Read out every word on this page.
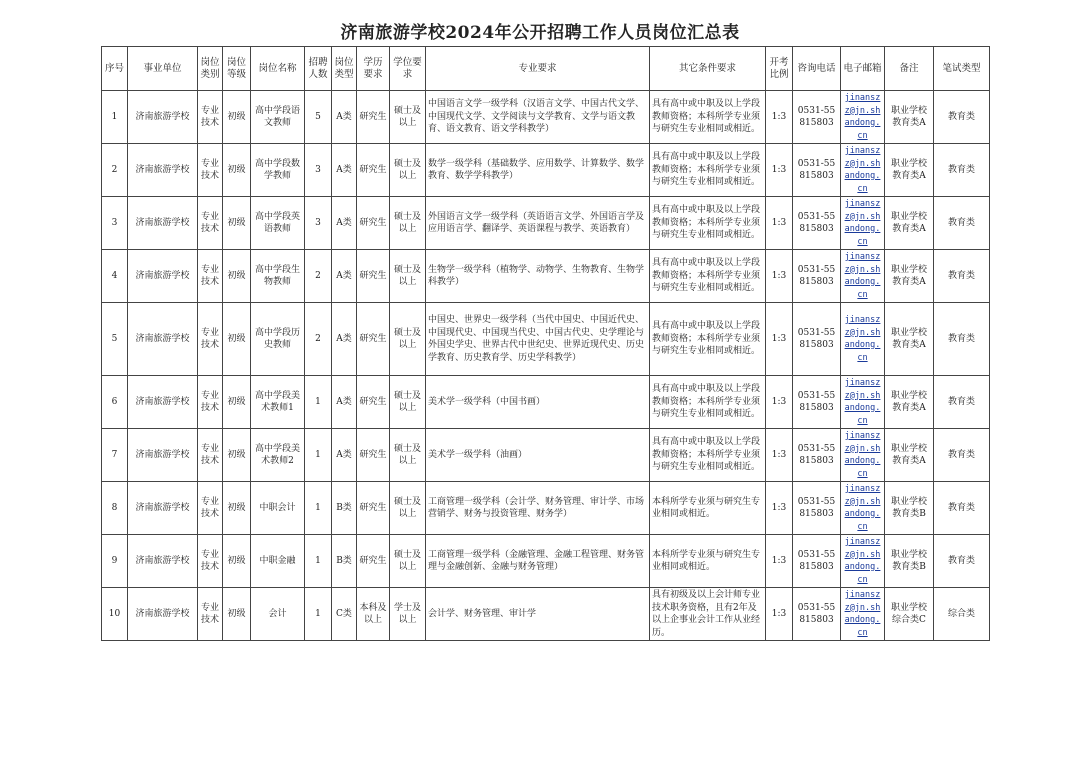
济南旅游学校2024年公开招聘工作人员岗位汇总表
序号	事业单位	岗位类别	岗位等级	岗位名称	招聘人数	岗位类型	学历要求	学位要求	专业要求	其它条件要求	开考比例	咨询电话	电子邮箱	备注	笔试类型
1	济南旅游学校	专业技术	初级	高中学段语文教师	5	A类	研究生	硕士及以上	中国语言文学一级学科（汉语言文学、中国古代文学、中国现代文学、文学阅读与文学教育、文学与语文教育、语文教育、语文学科教学）	具有高中或中职及以上学段教师资格；本科所学专业须与研究生专业相同或相近。	1:3	0531-55815803	jinanszz@jn.shandong.cn	职业学校教育类A	教育类
2	济南旅游学校	专业技术	初级	高中学段数学教师	3	A类	研究生	硕士及以上	数学一级学科（基础数学、应用数学、计算数学、数学教育、数学学科教学）	具有高中或中职及以上学段教师资格；本科所学专业须与研究生专业相同或相近。	1:3	0531-55815803	jinanszz@jn.shandong.cn	职业学校教育类A	教育类
3	济南旅游学校	专业技术	初级	高中学段英语教师	3	A类	研究生	硕士及以上	外国语言文学一级学科（英语语言文学、外国语言学及应用语言学、翻译学、英语课程与教学、英语教育）	具有高中或中职及以上学段教师资格；本科所学专业须与研究生专业相同或相近。	1:3	0531-55815803	jinanszz@jn.shandong.cn	职业学校教育类A	教育类
4	济南旅游学校	专业技术	初级	高中学段生物教师	2	A类	研究生	硕士及以上	生物学一级学科（植物学、动物学、生物教育、生物学科教学）	具有高中或中职及以上学段教师资格；本科所学专业须与研究生专业相同或相近。	1:3	0531-55815803	jinanszz@jn.shandong.cn	职业学校教育类A	教育类
5	济南旅游学校	专业技术	初级	高中学段历史教师	2	A类	研究生	硕士及以上	中国史、世界史一级学科（当代中国史、中国近代史、中国现代史、中国现当代史、中国古代史、史学理论与外国史学史、世界古代中世纪史、世界近现代史、历史学教育、历史教育学、历史学科教学）	具有高中或中职及以上学段教师资格；本科所学专业须与研究生专业相同或相近。	1:3	0531-55815803	jinanszz@jn.shandong.cn	职业学校教育类A	教育类
6	济南旅游学校	专业技术	初级	高中学段美术教师1	1	A类	研究生	硕士及以上	美术学一级学科（中国书画）	具有高中或中职及以上学段教师资格；本科所学专业须与研究生专业相同或相近。	1:3	0531-55815803	jinanszz@jn.shandong.cn	职业学校教育类A	教育类
7	济南旅游学校	专业技术	初级	高中学段美术教师2	1	A类	研究生	硕士及以上	美术学一级学科（油画）	具有高中或中职及以上学段教师资格；本科所学专业须与研究生专业相同或相近。	1:3	0531-55815803	jinanszz@jn.shandong.cn	职业学校教育类A	教育类
8	济南旅游学校	专业技术	初级	中职会计	1	B类	研究生	硕士及以上	工商管理一级学科（会计学、财务管理、审计学、市场营销学、财务与投资管理、财务学）	本科所学专业须与研究生专业相同或相近。	1:3	0531-55815803	jinanszz@jn.shandong.cn	职业学校教育类B	教育类
9	济南旅游学校	专业技术	初级	中职金融	1	B类	研究生	硕士及以上	工商管理一级学科（金融管理、金融工程管理、财务管理与金融创新、金融与财务管理）	本科所学专业须与研究生专业相同或相近。	1:3	0531-55815803	jinanszz@jn.shandong.cn	职业学校教育类B	教育类
10	济南旅游学校	专业技术	初级	会计	1	C类	本科及以上	学士及以上	会计学、财务管理、审计学	具有初级及以上会计师专业技术职务资格，且有2年及以上企事业会计工作从业经历。	1:3	0531-55815803	jinanszz@jn.shandong.cn	职业学校综合类C	综合类
